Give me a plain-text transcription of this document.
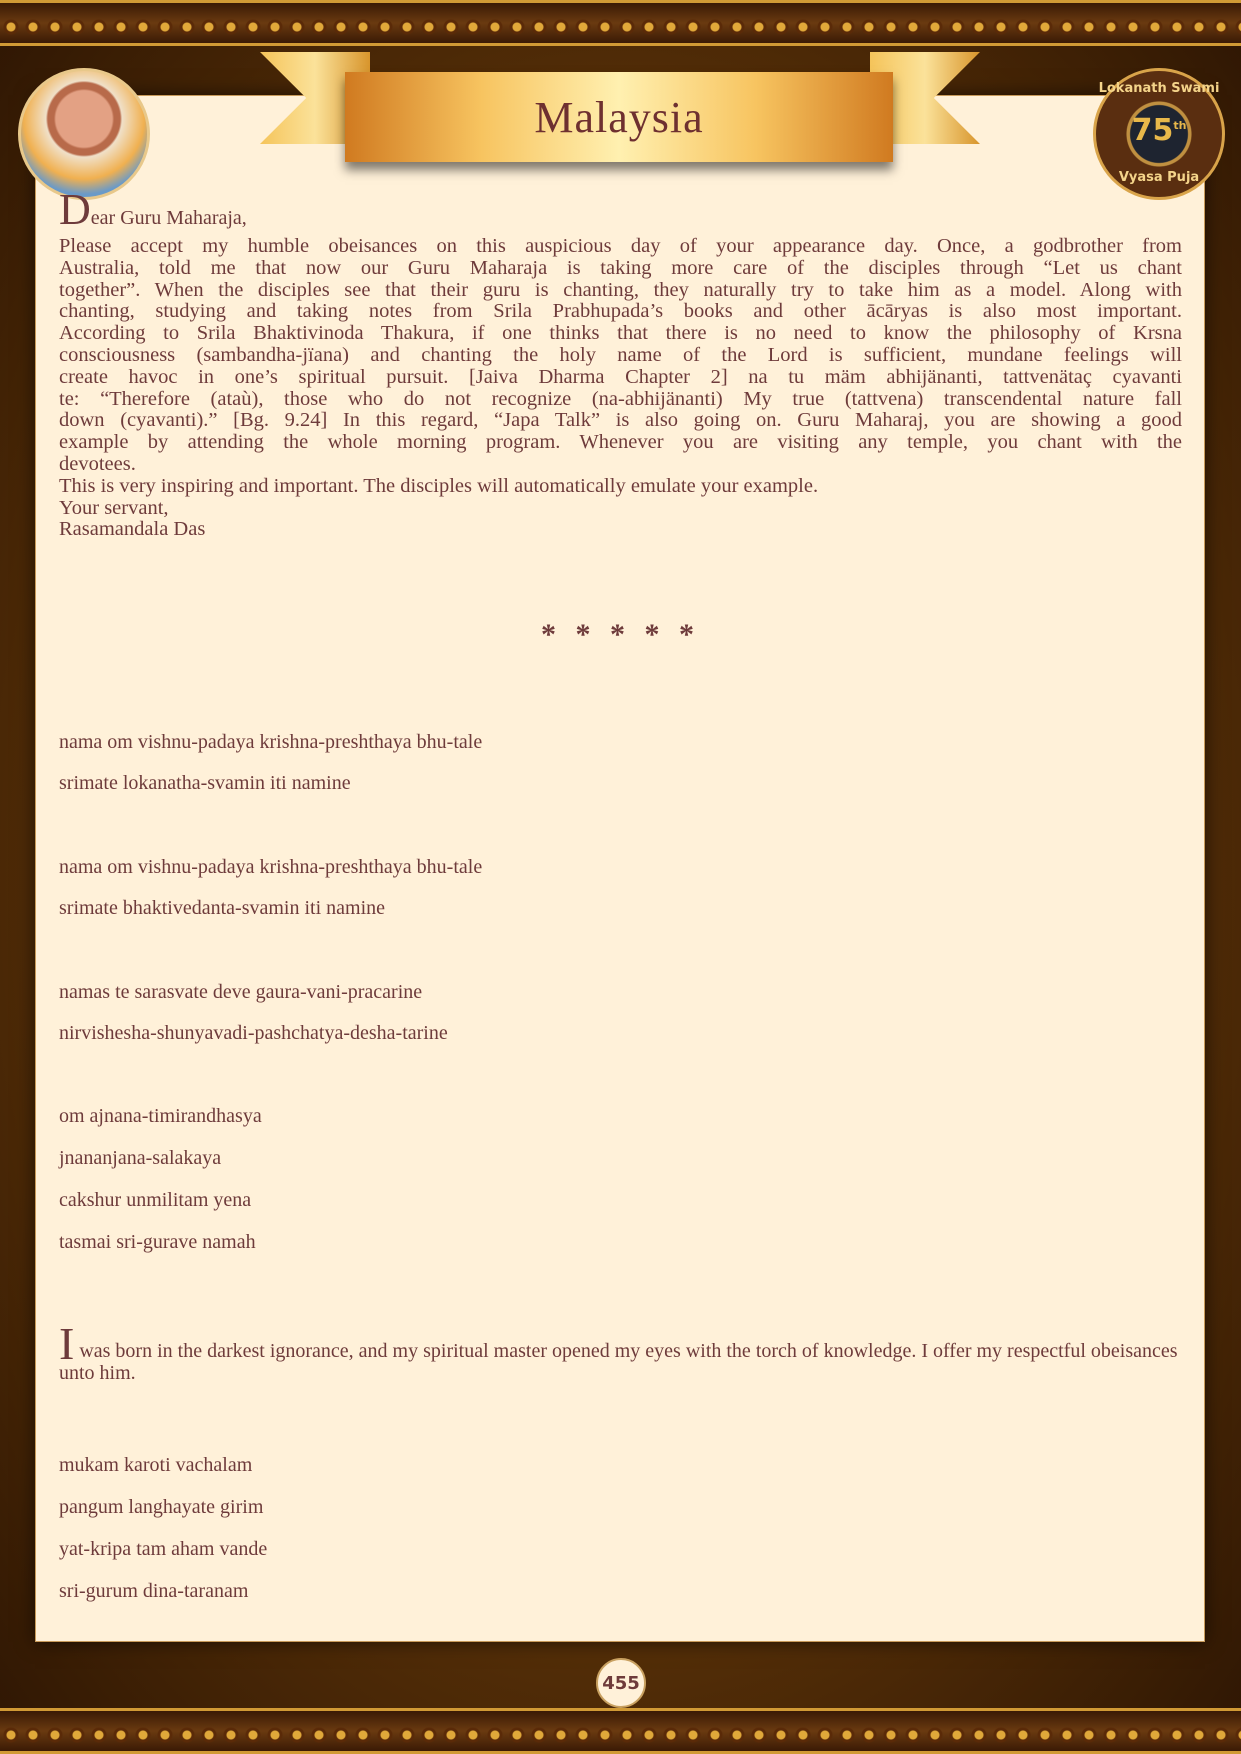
Malaysia
Lokanath Swami
75th
Vyasa Puja
Dear Guru Maharaja,
Please accept my humble obeisances on this auspicious day of your appearance day. Once, a godbrother from
Australia, told me that now our Guru Maharaja is taking more care of the disciples through “Let us chant
together”. When the disciples see that their guru is chanting, they naturally try to take him as a model. Along with
chanting, studying and taking notes from Srila Prabhupada’s books and other ācāryas is also most important.
According to Srila Bhaktivinoda Thakura, if one thinks that there is no need to know the philosophy of Krsna
consciousness (sambandha-jïana) and chanting the holy name of the Lord is sufficient, mundane feelings will
create havoc in one’s spiritual pursuit. [Jaiva Dharma Chapter 2] na tu mäm abhijänanti, tattvenätaç cyavanti
te: “Therefore (ataù), those who do not recognize (na-abhijänanti) My true (tattvena) transcendental nature fall
down (cyavanti).” [Bg. 9.24] In this regard, “Japa Talk” is also going on. Guru Maharaj, you are showing a good
example by attending the whole morning program. Whenever you are visiting any temple, you chant with the
devotees.
This is very inspiring and important. The disciples will automatically emulate your example.
Your servant,
Rasamandala Das
* * * * *
nama om vishnu-padaya krishna-preshthaya bhu-tale
srimate lokanatha-svamin iti namine
nama om vishnu-padaya krishna-preshthaya bhu-tale
srimate bhaktivedanta-svamin iti namine
namas te sarasvate deve gaura-vani-pracarine
nirvishesha-shunyavadi-pashchatya-desha-tarine
om ajnana-timirandhasya
jnananjana-salakaya
cakshur unmilitam yena
tasmai sri-gurave namah
I was born in the darkest ignorance, and my spiritual master opened my eyes with the torch of knowledge. I offer my respectful obeisances unto him.
mukam karoti vachalam
pangum langhayate girim
yat-kripa tam aham vande
sri-gurum dina-taranam
455
